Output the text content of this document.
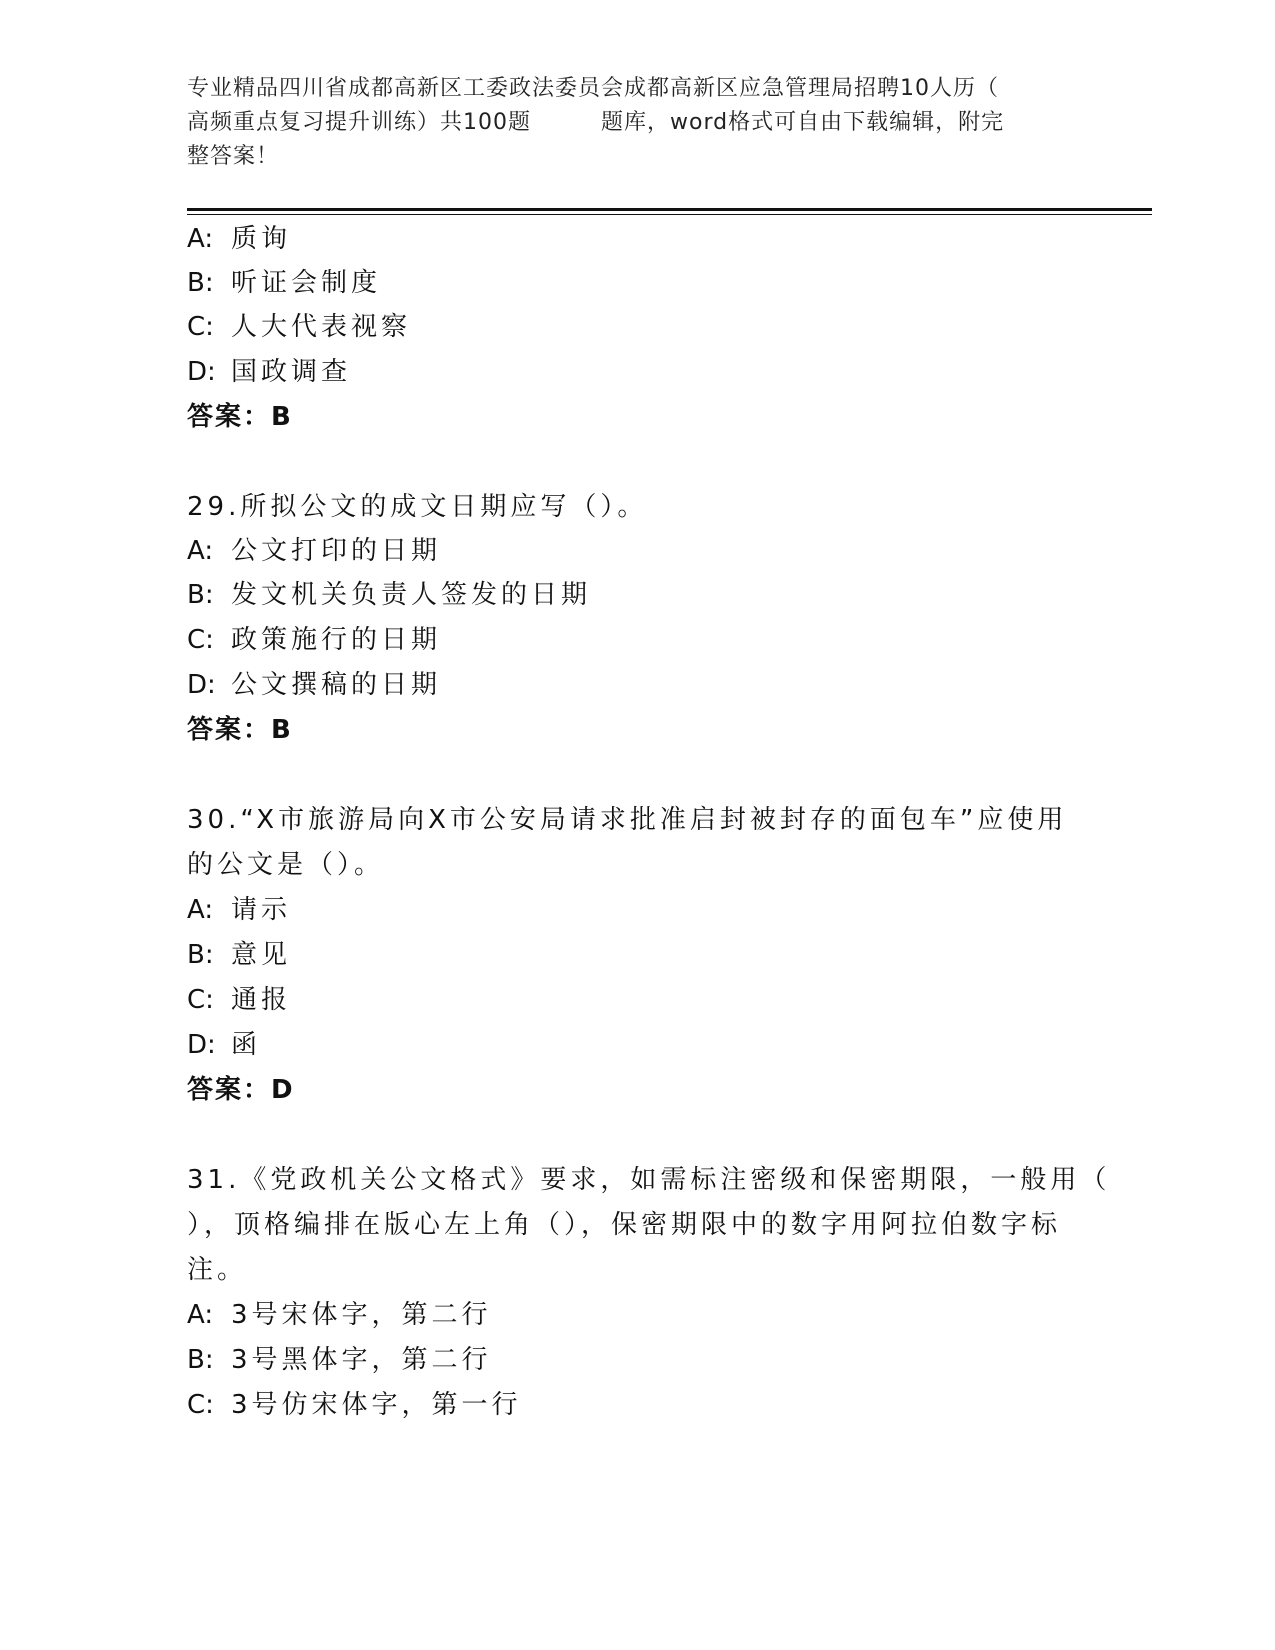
专业精品四川省成都高新区工委政法委员会成都高新区应急管理局招聘10人历（
高频重点复习提升训练）共100题	题库，word格式可自由下载编辑，附完
整答案！
A: 质询
B: 听证会制度
C: 人大代表视察
D: 国政调查
答案：B
29.所拟公文的成文日期应写（）。
A: 公文打印的日期
B: 发文机关负责人签发的日期
C: 政策施行的日期
D: 公文撰稿的日期
答案：B
30.“X市旅游局向X市公安局请求批准启封被封存的面包车”应使用
的公文是（）。
A: 请示
B: 意见
C: 通报
D: 函
答案：D
31.《党政机关公文格式》要求，如需标注密级和保密期限，一般用（
），顶格编排在版心左上角（），保密期限中的数字用阿拉伯数字标
注。
A: 3号宋体字，第二行
B: 3号黑体字，第二行
C: 3号仿宋体字，第一行
